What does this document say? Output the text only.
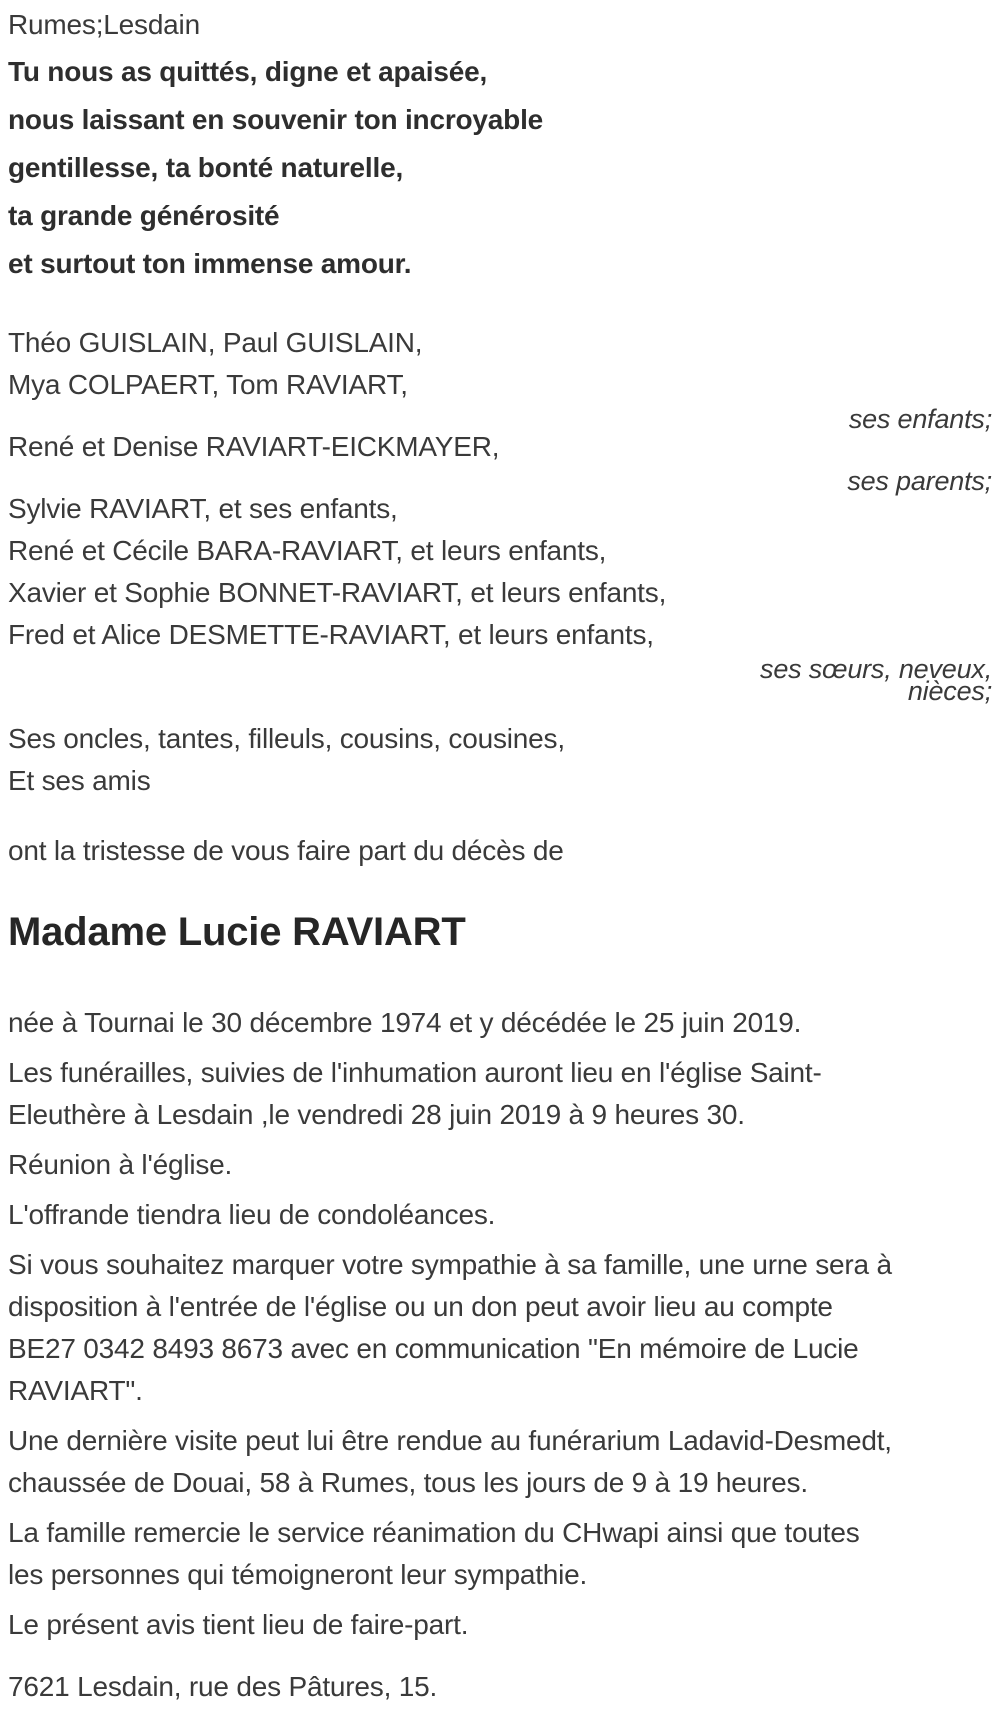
Rumes;Lesdain
Tu nous as quittés, digne et apaisée,
nous laissant en souvenir ton incroyable
gentillesse, ta bonté naturelle,
ta grande générosité
et surtout ton immense amour.
Théo GUISLAIN, Paul GUISLAIN,
Mya COLPAERT, Tom RAVIART,
ses enfants;
René et Denise RAVIART-EICKMAYER,
ses parents;
Sylvie RAVIART, et ses enfants,
René et Cécile BARA-RAVIART, et leurs enfants,
Xavier et Sophie BONNET-RAVIART, et leurs enfants,
Fred et Alice DESMETTE-RAVIART, et leurs enfants,
ses sœurs, neveux,
nièces;
Ses oncles, tantes, filleuls, cousins, cousines,
Et ses amis
ont la tristesse de vous faire part du décès de
Madame Lucie RAVIART
née à Tournai le 30 décembre 1974 et y décédée le 25 juin 2019.
Les funérailles, suivies de l'inhumation auront lieu en l'église Saint-
Eleuthère à Lesdain ,le vendredi 28 juin 2019 à 9 heures 30.
Réunion à l'église.
L'offrande tiendra lieu de condoléances.
Si vous souhaitez marquer votre sympathie à sa famille, une urne sera à
disposition à l'entrée de l'église ou un don peut avoir lieu au compte
BE27 0342 8493 8673 avec en communication "En mémoire de Lucie
RAVIART".
Une dernière visite peut lui être rendue au funérarium Ladavid-Desmedt,
chaussée de Douai, 58 à Rumes, tous les jours de 9 à 19 heures.
La famille remercie le service réanimation du CHwapi ainsi que toutes
les personnes qui témoigneront leur sympathie.
Le présent avis tient lieu de faire-part.
7621 Lesdain, rue des Pâtures, 15.
